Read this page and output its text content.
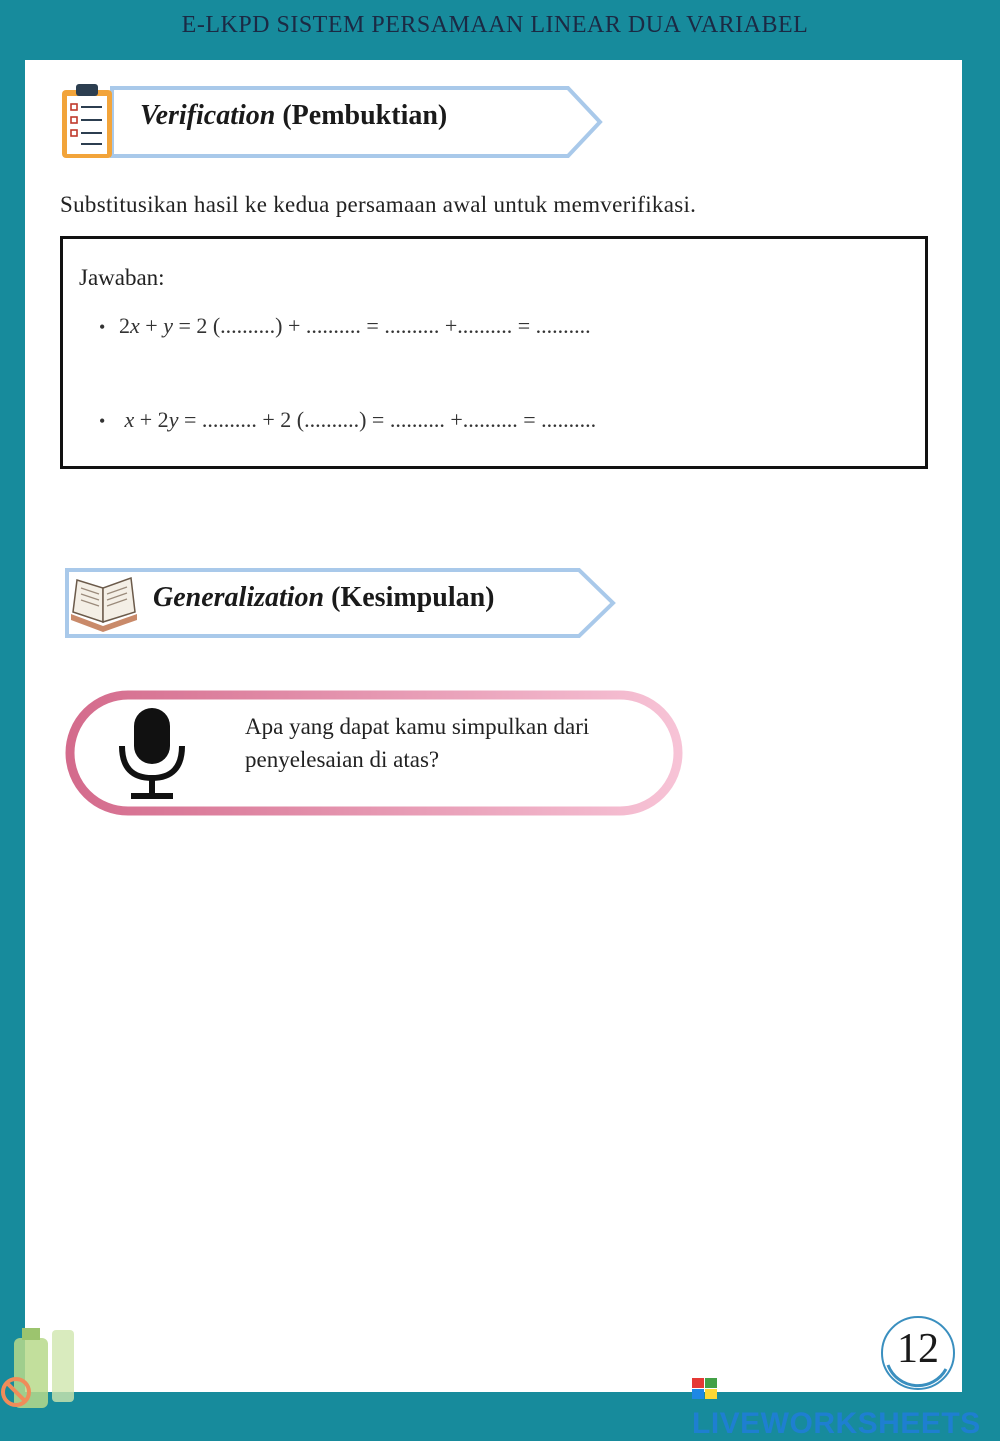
E-LKPD SISTEM PERSAMAAN LINEAR DUA VARIABEL
Verification (Pembuktian)
Substitusikan hasil ke kedua persamaan awal untuk memverifikasi.
Jawaban:
• 2x + y = 2 (..........) + .......... = .......... +.......... = ..........
• x + 2y = .......... + 2 (..........) = .......... +.......... = ..........
Generalization (Kesimpulan)
Apa yang dapat kamu simpulkan dari penyelesaian di atas?
12
LIVEWORKSHEETS
